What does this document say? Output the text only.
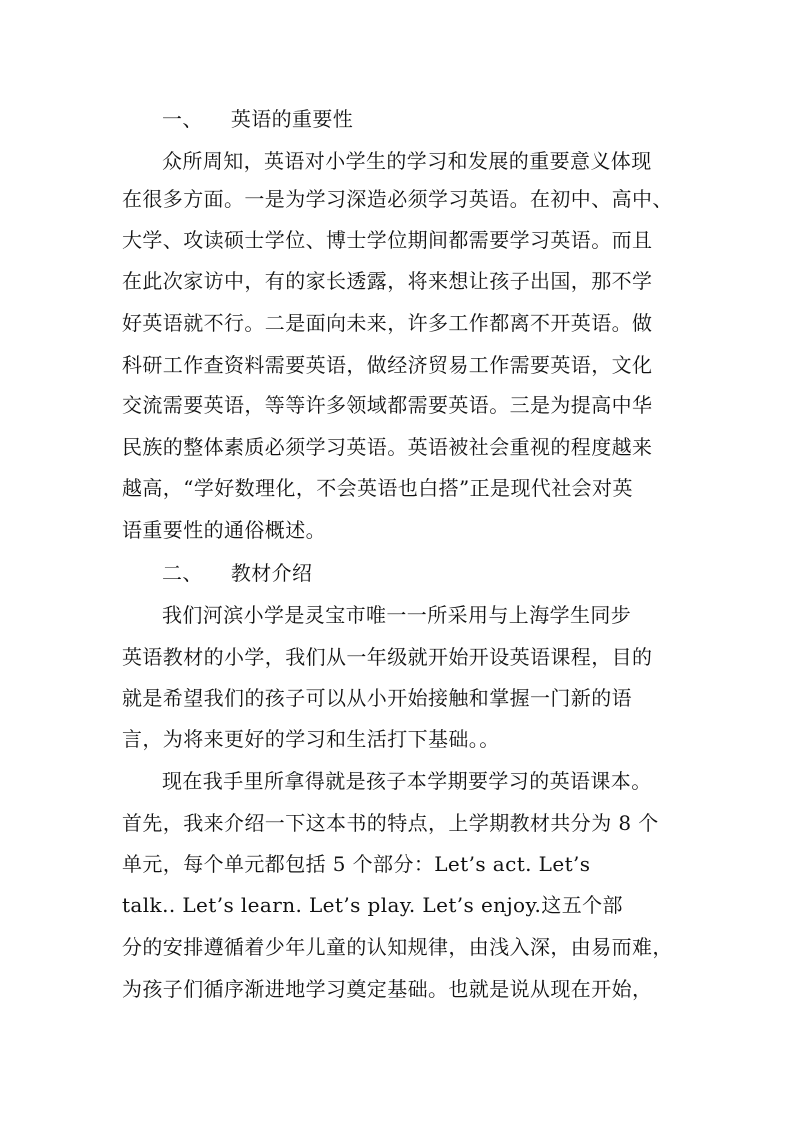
一、 英语的重要性
众所周知，英语对小学生的学习和发展的重要意义体现
在很多方面。一是为学习深造必须学习英语。在初中、高中、
大学、攻读硕士学位、博士学位期间都需要学习英语。而且
在此次家访中，有的家长透露，将来想让孩子出国，那不学
好英语就不行。二是面向未来，许多工作都离不开英语。做
科研工作查资料需要英语，做经济贸易工作需要英语，文化
交流需要英语，等等许多领域都需要英语。三是为提高中华
民族的整体素质必须学习英语。英语被社会重视的程度越来
越高，“学好数理化，不会英语也白搭”正是现代社会对英
语重要性的通俗概述。
二、 教材介绍
我们河滨小学是灵宝市唯一一所采用与上海学生同步
英语教材的小学，我们从一年级就开始开设英语课程，目的
就是希望我们的孩子可以从小开始接触和掌握一门新的语
言，为将来更好的学习和生活打下基础。。
现在我手里所拿得就是孩子本学期要学习的英语课本。
首先，我来介绍一下这本书的特点，上学期教材共分为 8 个
单元，每个单元都包括 5 个部分：Let’s act. Let’s
talk.. Let’s learn. Let’s play. Let’s enjoy.这五个部
分的安排遵循着少年儿童的认知规律，由浅入深，由易而难，
为孩子们循序渐进地学习奠定基础。也就是说从现在开始，
